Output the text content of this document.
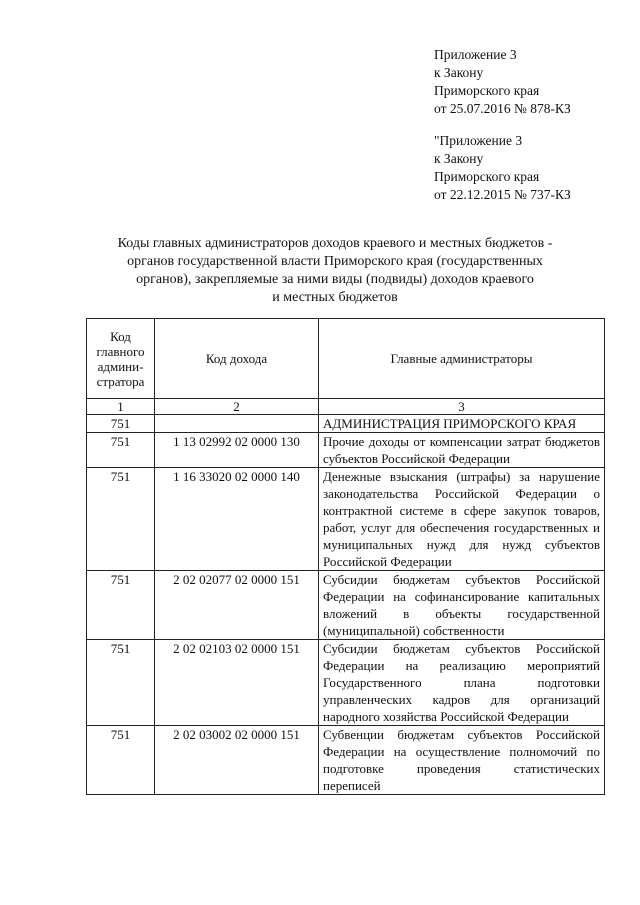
Приложение 3
к Закону
Приморского края
от 25.07.2016 № 878-КЗ
"Приложение 3
к Закону
Приморского края
от 22.12.2015 № 737-КЗ
Коды главных администраторов доходов краевого и местных бюджетов -
органов государственной власти Приморского края (государственных
органов), закрепляемые за ними виды (подвиды) доходов краевого
и местных бюджетов
Код
главного
админи-
стратора	Код дохода	Главные администраторы
1	2	3
751		АДМИНИСТРАЦИЯ ПРИМОРСКОГО КРАЯ
751	1 13 02992 02 0000 130	Прочие доходы от компенсации затрат бюджетов субъектов Российской Федерации
751	1 16 33020 02 0000 140	Денежные взыскания (штрафы) за нарушение законодательства Российской Федерации о контрактной системе в сфере закупок товаров, работ, услуг для обеспечения государственных и муниципальных нужд для нужд субъектов Российской Федерации
751	2 02 02077 02 0000 151	Субсидии бюджетам субъектов Российской Федерации на софинансирование капитальных вложений в объекты государственной (муниципальной) собственности
751	2 02 02103 02 0000 151	Субсидии бюджетам субъектов Российской Федерации на реализацию мероприятий Государственного плана подготовки управленческих кадров для организаций народного хозяйства Российской Федерации
751	2 02 03002 02 0000 151	Субвенции бюджетам субъектов Российской Федерации на осуществление полномочий по подготовке проведения статистических переписей
